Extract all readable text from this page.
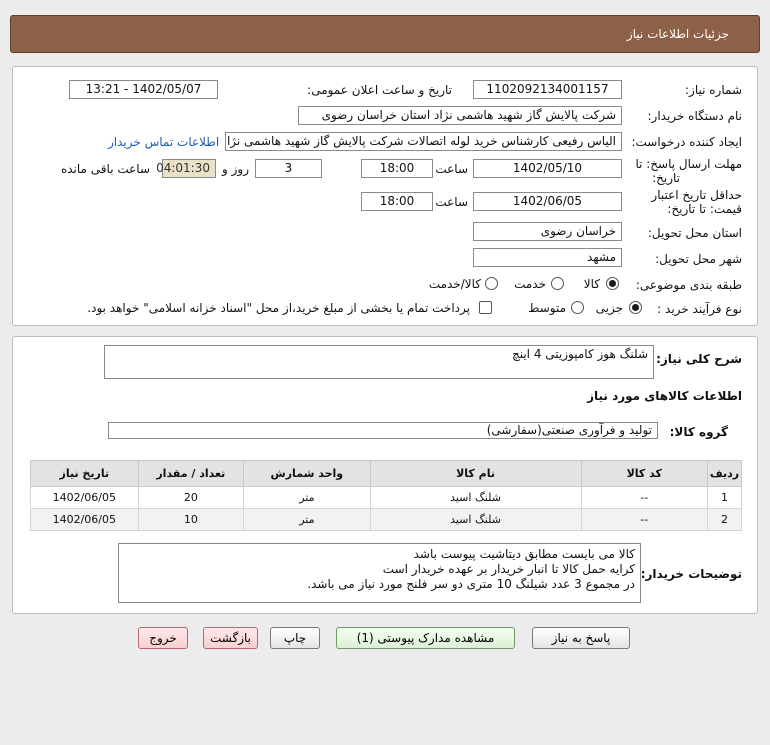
جزئیات اطلاعات نیاز
شماره نیاز:
1102092134001157
تاریخ و ساعت اعلان عمومی:
1402/05/07 - 13:21
نام دستگاه خریدار:
شرکت پالایش گاز شهید هاشمی نژاد استان خراسان رضوی
ایجاد کننده درخواست:
الیاس رفیعی کارشناس خرید لوله اتصالات شرکت پالایش گاز شهید هاشمی نژا
اطلاعات تماس خریدار
مهلت ارسال پاسخ: تا
تاریخ:
1402/05/10
ساعت
18:00
3
روز و
04:01:30
ساعت باقی مانده
حداقل تاریخ اعتبار
قیمت: تا تاریخ:
1402/06/05
ساعت
18:00
استان محل تحویل:
خراسان رضوی
شهر محل تحویل:
مشهد
طبقه بندی موضوعی:
کالا
خدمت
کالا/خدمت
نوع فرآیند خرید :
جزیی
متوسط
پرداخت تمام یا بخشی از مبلغ خرید،از محل "اسناد خزانه اسلامی" خواهد بود.
شرح کلی نیاز:
شلنگ هوز کامپوزیتی 4 اینچ
اطلاعات کالاهای مورد نیاز
گروه کالا:
تولید و فرآوری صنعتی(سفارشی)
ردیف	کد کالا	نام کالا	واحد شمارش	تعداد / مقدار	تاریخ نیاز
1	--	شلنگ اسید	متر	20	1402/06/05
2	--	شلنگ اسید	متر	10	1402/06/05
توضیحات خریدار:
کالا می بایست مطابق دیتاشیت پیوست باشد
کرایه حمل کالا تا انبار خریدار بر عهده خریدار است
در مجموع 3 عدد شیلنگ 10 متری دو سر فلنج مورد نیاز می باشد.
پاسخ به نیاز
مشاهده مدارک پیوستی (1)
چاپ
بازگشت
خروج
